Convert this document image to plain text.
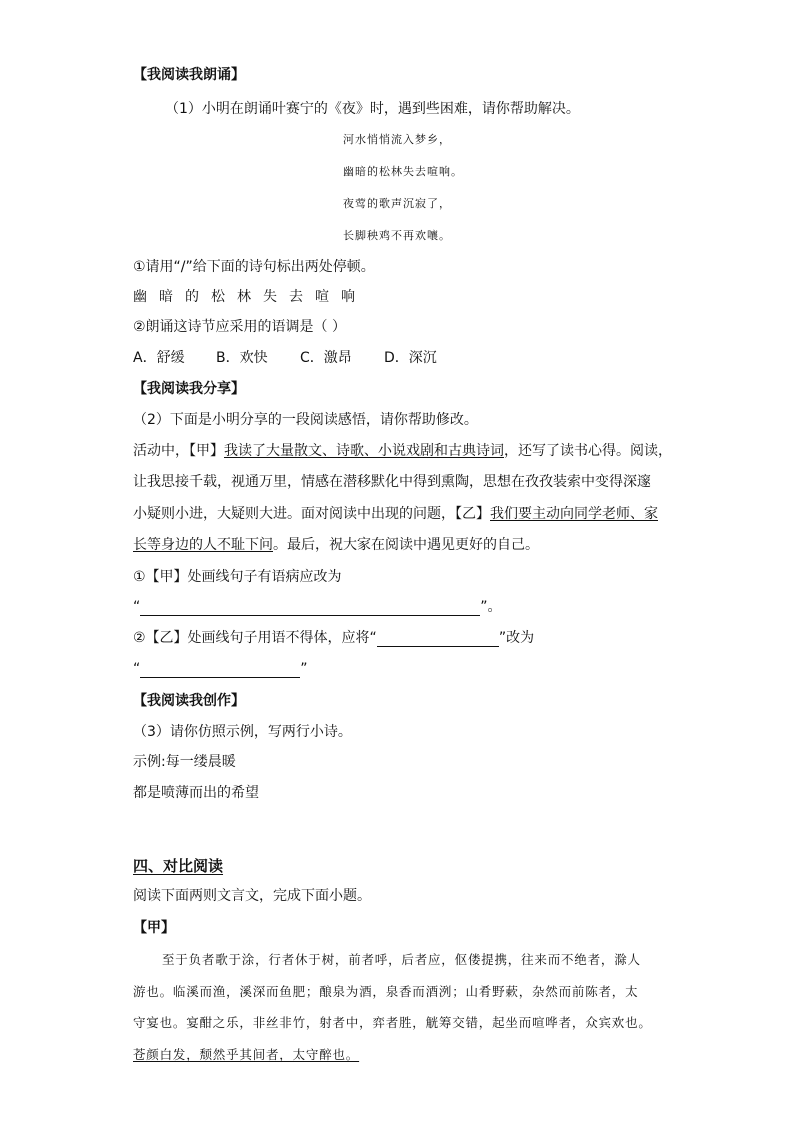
【我阅读我朗诵】
（1）小明在朗诵叶赛宁的《夜》时，遇到些困难，请你帮助解决。
河水悄悄流入梦乡，
幽暗的松林失去喧响。
夜莺的歌声沉寂了，
长脚秧鸡不再欢嚷。
①请用“/”给下面的诗句标出两处停顿。
幽暗的松林失去喧响
②朗诵这诗节应采用的语调是（ ）
A．舒缓 B．欢快 C．激昂 D．深沉
【我阅读我分享】
（2）下面是小明分享的一段阅读感悟，请你帮助修改。
活动中，【甲】我读了大量散文、诗歌、小说戏剧和古典诗词，还写了读书心得。阅读，
让我思接千载，视通万里，情感在潜移默化中得到熏陶，思想在孜孜装索中变得深邃
小疑则小进，大疑则大进。面对阅读中出现的问题，【乙】我们要主动向同学老师、家
长等身边的人不耻下问。最后，祝大家在阅读中遇见更好的自己。
①【甲】处画线句子有语病应改为
“	”。
②【乙】处画线句子用语不得体，应将“	”改为
“	”
【我阅读我创作】
（3）请你仿照示例，写两行小诗。
示例:每一缕晨暖
都是喷薄而出的希望
四、对比阅读
阅读下面两则文言文，完成下面小题。
【甲】
至于负者歌于涂，行者休于树，前者呼，后者应，伛偻提携，往来而不绝者，滁人
游也。临溪而渔，溪深而鱼肥；酿泉为酒，泉香而酒洌；山肴野蔌，杂然而前陈者，太
守宴也。宴酣之乐，非丝非竹，射者中，弈者胜，觥筹交错，起坐而喧哗者，众宾欢也。
苍颜白发，颓然乎其间者，太守醉也。
